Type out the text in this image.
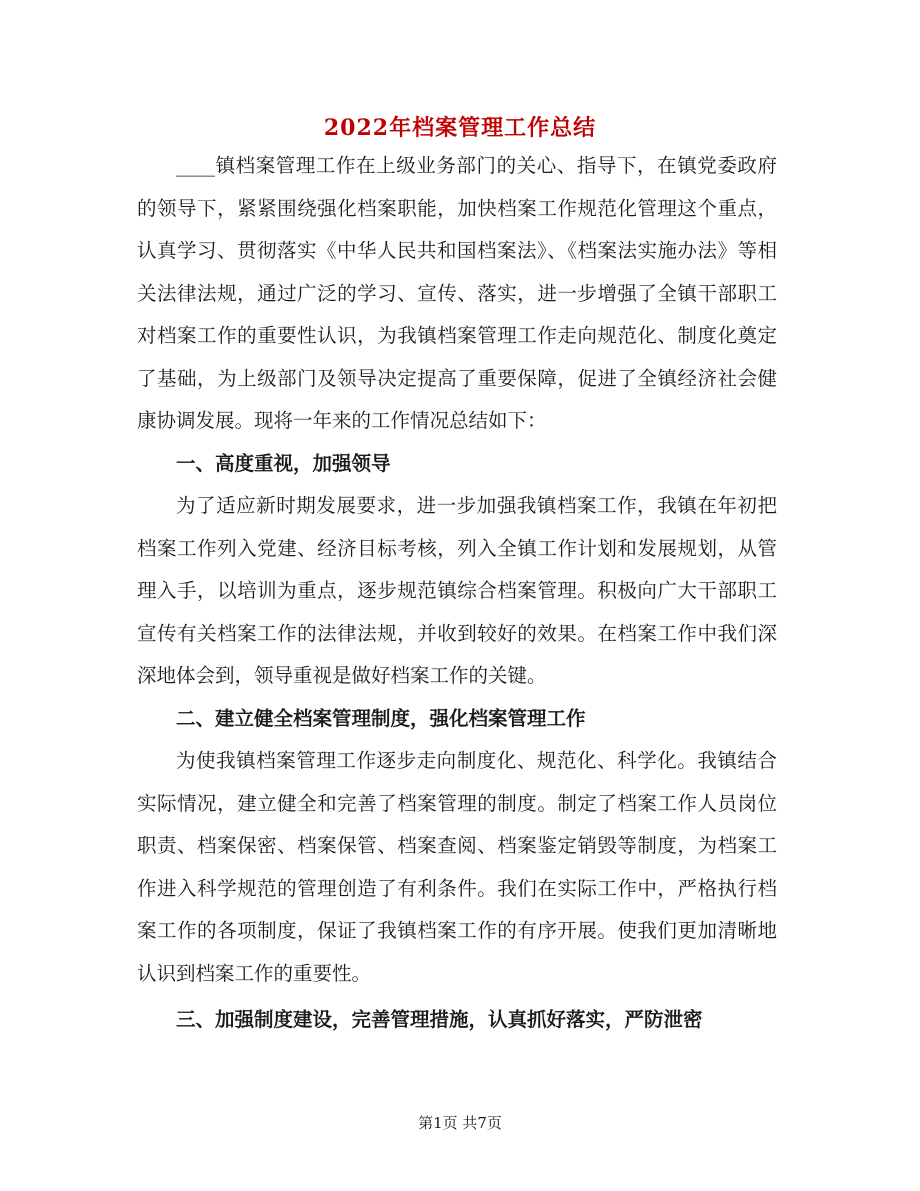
2022年档案管理工作总结

____镇档案管理工作在上级业务部门的关心、指导下，在镇党委政府的领导下，紧紧围绕强化档案职能，加快档案工作规范化管理这个重点，认真学习、贯彻落实《中华人民共和国档案法》、《档案法实施办法》等相关法律法规，通过广泛的学习、宣传、落实，进一步增强了全镇干部职工对档案工作的重要性认识，为我镇档案管理工作走向规范化、制度化奠定了基础，为上级部门及领导决定提高了重要保障，促进了全镇经济社会健康协调发展。现将一年来的工作情况总结如下：

一、高度重视，加强领导

为了适应新时期发展要求，进一步加强我镇档案工作，我镇在年初把档案工作列入党建、经济目标考核，列入全镇工作计划和发展规划，从管理入手，以培训为重点，逐步规范镇综合档案管理。积极向广大干部职工宣传有关档案工作的法律法规，并收到较好的效果。在档案工作中我们深深地体会到，领导重视是做好档案工作的关键。

二、建立健全档案管理制度，强化档案管理工作

为使我镇档案管理工作逐步走向制度化、规范化、科学化。我镇结合实际情况，建立健全和完善了档案管理的制度。制定了档案工作人员岗位职责、档案保密、档案保管、档案查阅、档案鉴定销毁等制度，为档案工作进入科学规范的管理创造了有利条件。我们在实际工作中，严格执行档案工作的各项制度，保证了我镇档案工作的有序开展。使我们更加清晰地认识到档案工作的重要性。

三、加强制度建设，完善管理措施，认真抓好落实，严防泄密
第1页 共7页
